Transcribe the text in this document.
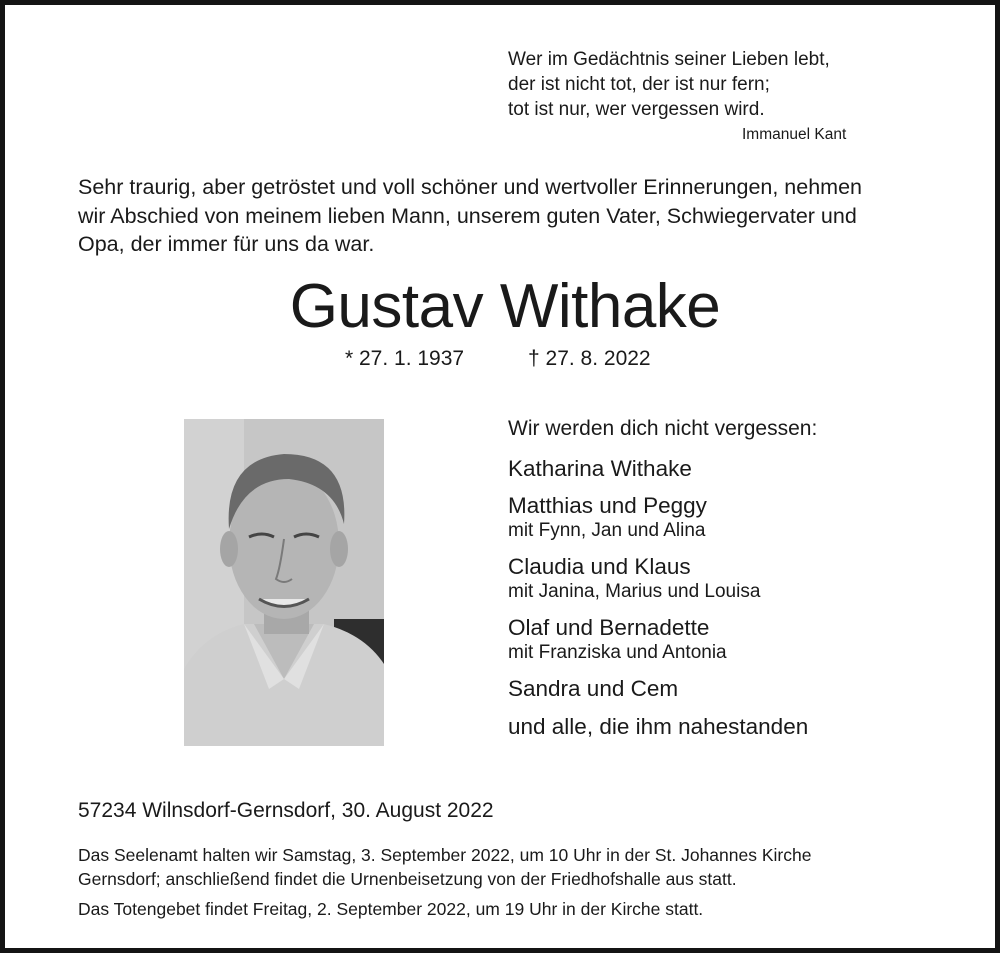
Wer im Gedächtnis seiner Lieben lebt,
der ist nicht tot, der ist nur fern;
tot ist nur, wer vergessen wird.
Immanuel Kant
Sehr traurig, aber getröstet und voll schöner und wertvoller Erinnerungen, nehmen
wir Abschied von meinem lieben Mann, unserem guten Vater, Schwiegervater und
Opa, der immer für uns da war.
Gustav Withake
* 27. 1. 1937	† 27. 8. 2022
Wir werden dich nicht vergessen:
Katharina Withake
Matthias und Peggy
mit Fynn, Jan und Alina
Claudia und Klaus
mit Janina, Marius und Louisa
Olaf und Bernadette
mit Franziska und Antonia
Sandra und Cem
und alle, die ihm nahestanden
57234 Wilnsdorf-Gernsdorf, 30. August 2022
Das Seelenamt halten wir Samstag, 3. September 2022, um 10 Uhr in der St. Johannes Kirche
Gernsdorf; anschließend findet die Urnenbeisetzung von der Friedhofshalle aus statt.
Das Totengebet findet Freitag, 2. September 2022, um 19 Uhr in der Kirche statt.
